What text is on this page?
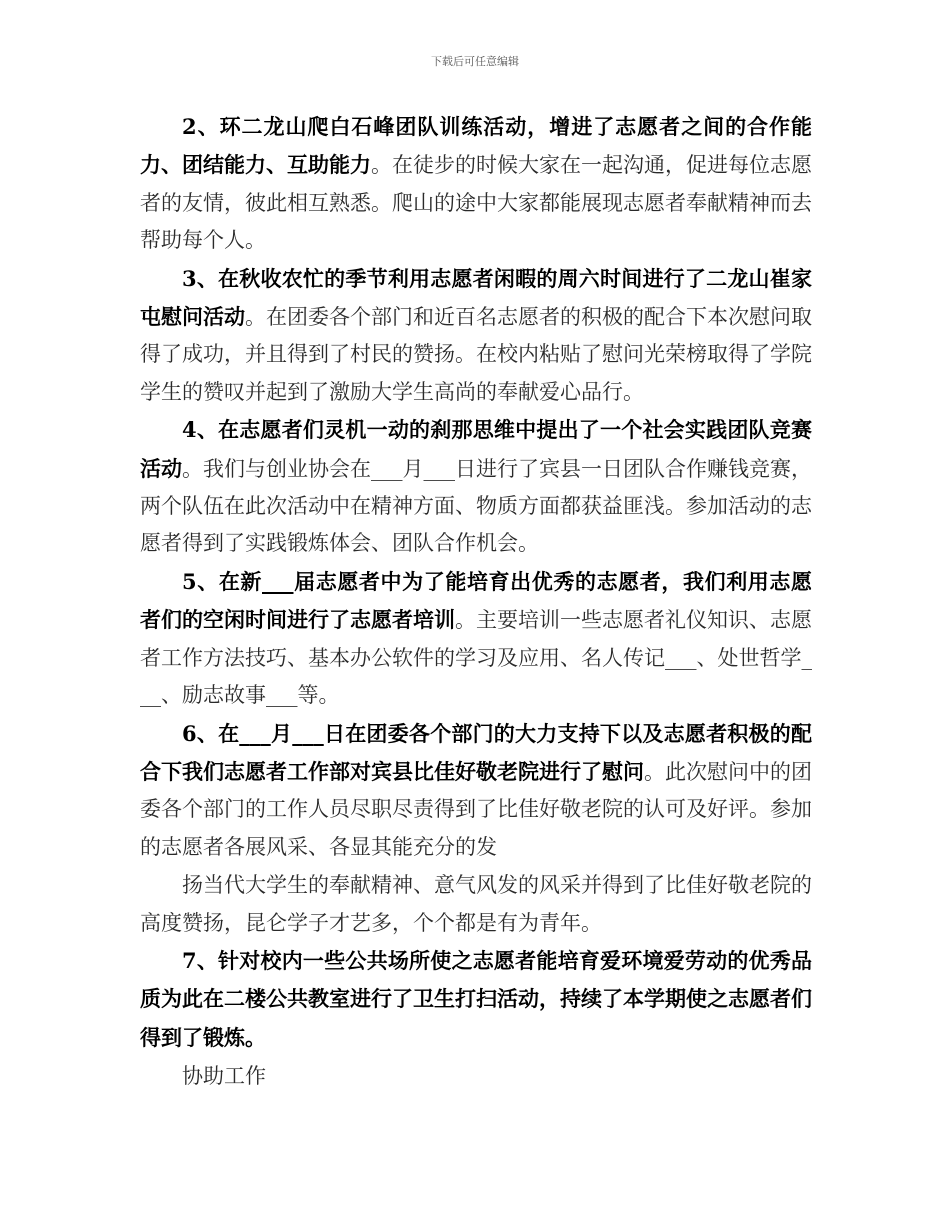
下载后可任意编辑

2、环二龙山爬白石峰团队训练活动，增进了志愿者之间的合作能力、团结能力、互助能力。在徒步的时候大家在一起沟通，促进每位志愿者的友情，彼此相互熟悉。爬山的途中大家都能展现志愿者奉献精神而去帮助每个人。

3、在秋收农忙的季节利用志愿者闲暇的周六时间进行了二龙山崔家屯慰问活动。在团委各个部门和近百名志愿者的积极的配合下本次慰问取得了成功，并且得到了村民的赞扬。在校内粘贴了慰问光荣榜取得了学院学生的赞叹并起到了激励大学生高尚的奉献爱心品行。

4、在志愿者们灵机一动的刹那思维中提出了一个社会实践团队竞赛活动。我们与创业协会在___月___日进行了宾县一日团队合作赚钱竞赛，两个队伍在此次活动中在精神方面、物质方面都获益匪浅。参加活动的志愿者得到了实践锻炼体会、团队合作机会。

5、在新___届志愿者中为了能培育出优秀的志愿者，我们利用志愿者们的空闲时间进行了志愿者培训。主要培训一些志愿者礼仪知识、志愿者工作方法技巧、基本办公软件的学习及应用、名人传记___、处世哲学___、励志故事___等。

6、在___月___日在团委各个部门的大力支持下以及志愿者积极的配合下我们志愿者工作部对宾县比佳好敬老院进行了慰问。此次慰问中的团委各个部门的工作人员尽职尽责得到了比佳好敬老院的认可及好评。参加的志愿者各展风采、各显其能充分的发

扬当代大学生的奉献精神、意气风发的风采并得到了比佳好敬老院的高度赞扬，昆仑学子才艺多，个个都是有为青年。

7、针对校内一些公共场所使之志愿者能培育爱环境爱劳动的优秀品质为此在二楼公共教室进行了卫生打扫活动，持续了本学期使之志愿者们得到了锻炼。

协助工作
